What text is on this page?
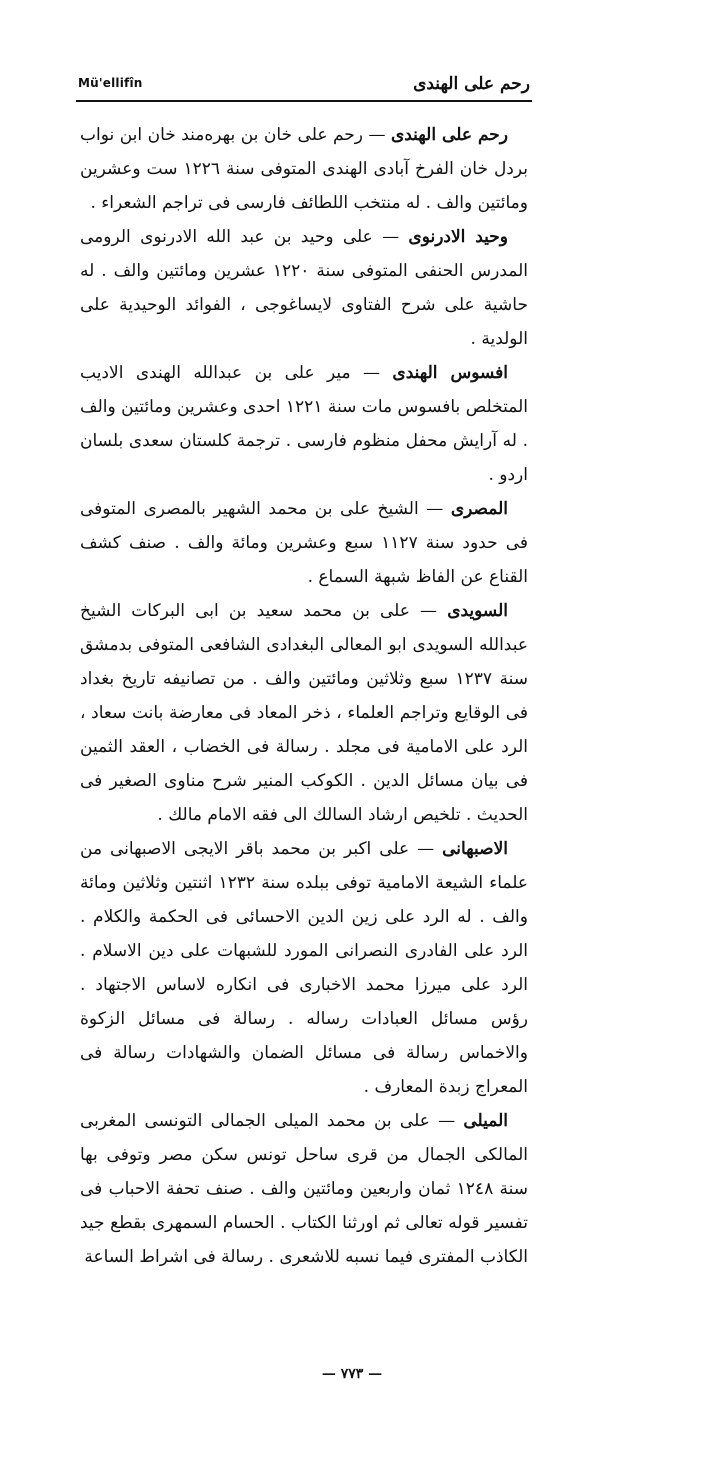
Mü'ellifîn	رحم على الهندى

رحم على الهندى — رحم على خان بن بهره‌مند خان ابن نواب بردل خان الفرخ آبادى الهندى المتوفى سنة ١٢٢٦ ست وعشرين ومائتين والف . له منتخب اللطائف فارسى فى تراجم الشعراء .

وحيد الادرنوى — على وحيد بن عبد الله الادرنوى الرومى المدرس الحنفى المتوفى سنة ١٢٢٠ عشرين ومائتين والف . له حاشية على شرح الفتاوى لايساغوجى ، الفوائد الوحيدية على الولدية .

افسوس الهندى — مير على بن عبدالله الهندى الاديب المتخلص بافسوس مات سنة ١٢٢١ احدى وعشرين ومائتين والف . له آرايش محفل منظوم فارسى . ترجمة كلستان سعدى بلسان اردو .

المصرى — الشيخ على بن محمد الشهير بالمصرى المتوفى فى حدود سنة ١١٢٧ سبع وعشرين ومائة والف . صنف كشف القناع عن الفاظ شبهة السماع .

السويدى — على بن محمد سعيد بن ابى البركات الشيخ عبدالله السويدى ابو المعالى البغدادى الشافعى المتوفى بدمشق سنة ١٢٣٧ سبع وثلاثين ومائتين والف . من تصانيفه تاريخ بغداد فى الوقايع وتراجم العلماء ، ذخر المعاد فى معارضة بانت سعاد ، الرد على الامامية فى مجلد . رسالة فى الخضاب ، العقد الثمين فى بيان مسائل الدين . الكوكب المنير شرح مناوى الصغير فى الحديث . تلخيص ارشاد السالك الى فقه الامام مالك .

الاصبهانى — على اكبر بن محمد باقر الايجى الاصبهانى من علماء الشيعة الامامية توفى ببلده سنة ١٢٣٢ اثنتين وثلاثين ومائة والف . له الرد على زين الدين الاحسائى فى الحكمة والكلام . الرد على الفادرى النصرانى المورد للشبهات على دين الاسلام . الرد على ميرزا محمد الاخبارى فى انكاره لاساس الاجتهاد . رؤس مسائل العبادات رساله . رسالة فى مسائل الزكوة والاخماس رسالة فى مسائل الضمان والشهادات رسالة فى المعراج زبدة المعارف .

الميلى — على بن محمد الميلى الجمالى التونسى المغربى المالكى الجمال من قرى ساحل تونس سكن مصر وتوفى بها سنة ١٢٤٨ ثمان واربعين ومائتين والف . صنف تحفة الاحباب فى تفسير قوله تعالى ثم اورثنا الكتاب . الحسام السمهرى بقطع جيد الكاذب المفترى فيما نسبه للاشعرى . رسالة فى اشراط الساعة

— ٧٧٣ —
